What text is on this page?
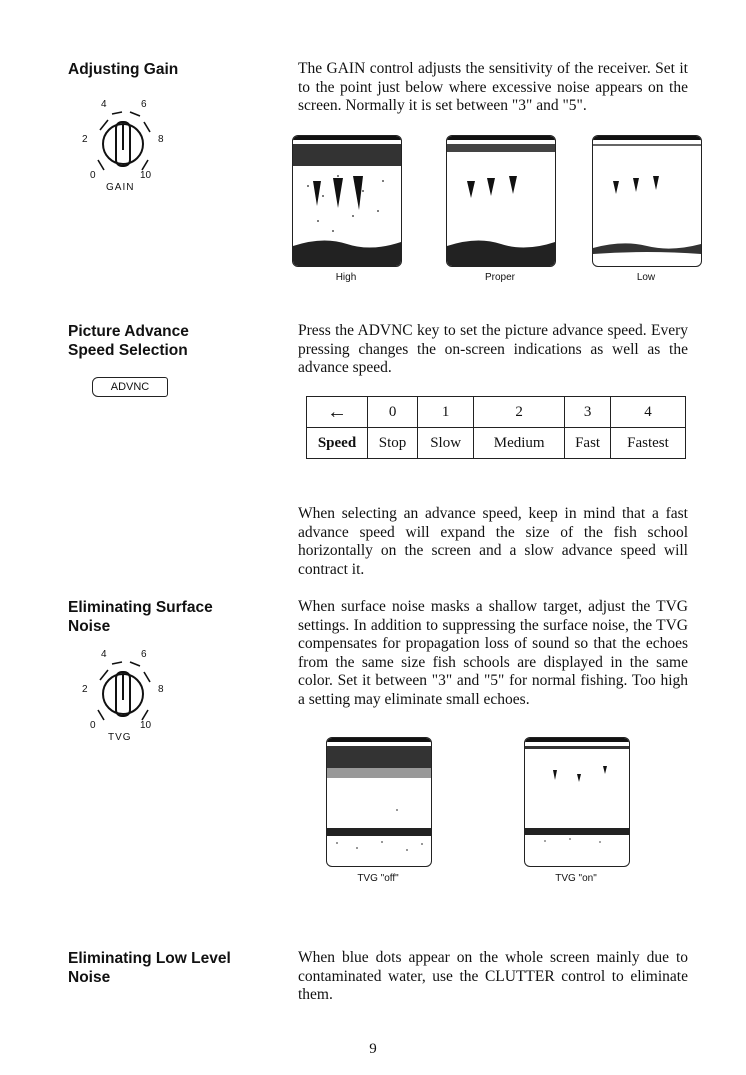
Adjusting Gain
4	6
2	8
0	10
GAIN
The GAIN control adjusts the sensitivity of the receiver. Set it to the point just below where excessive noise appears on the screen. Normally it is set between "3" and "5".
High	Proper	Low
Picture Advance
Speed Selection
ADVNC
Press the ADVNC key to set the picture advance speed. Every pressing changes the on-screen indications as well as the advance speed.
←	0	1	2	3	4
Speed	Stop	Slow	Medium	Fast	Fastest
When selecting an advance speed, keep in mind that a fast advance speed will expand the size of the fish school horizontally on the screen and a slow advance speed will contract it.
Eliminating Surface
Noise
4	6
2	8
0	10
TVG
When surface noise masks a shallow target, adjust the TVG settings. In addition to suppressing the surface noise, the TVG compensates for propagation loss of sound so that the echoes from the same size fish schools are displayed in the same color. Set it between "3" and "5" for normal fishing. Too high a setting may eliminate small echoes.
TVG "off"	TVG "on"
Eliminating Low Level
Noise
When blue dots appear on the whole screen mainly due to contaminated water, use the CLUTTER control to eliminate them.
9
